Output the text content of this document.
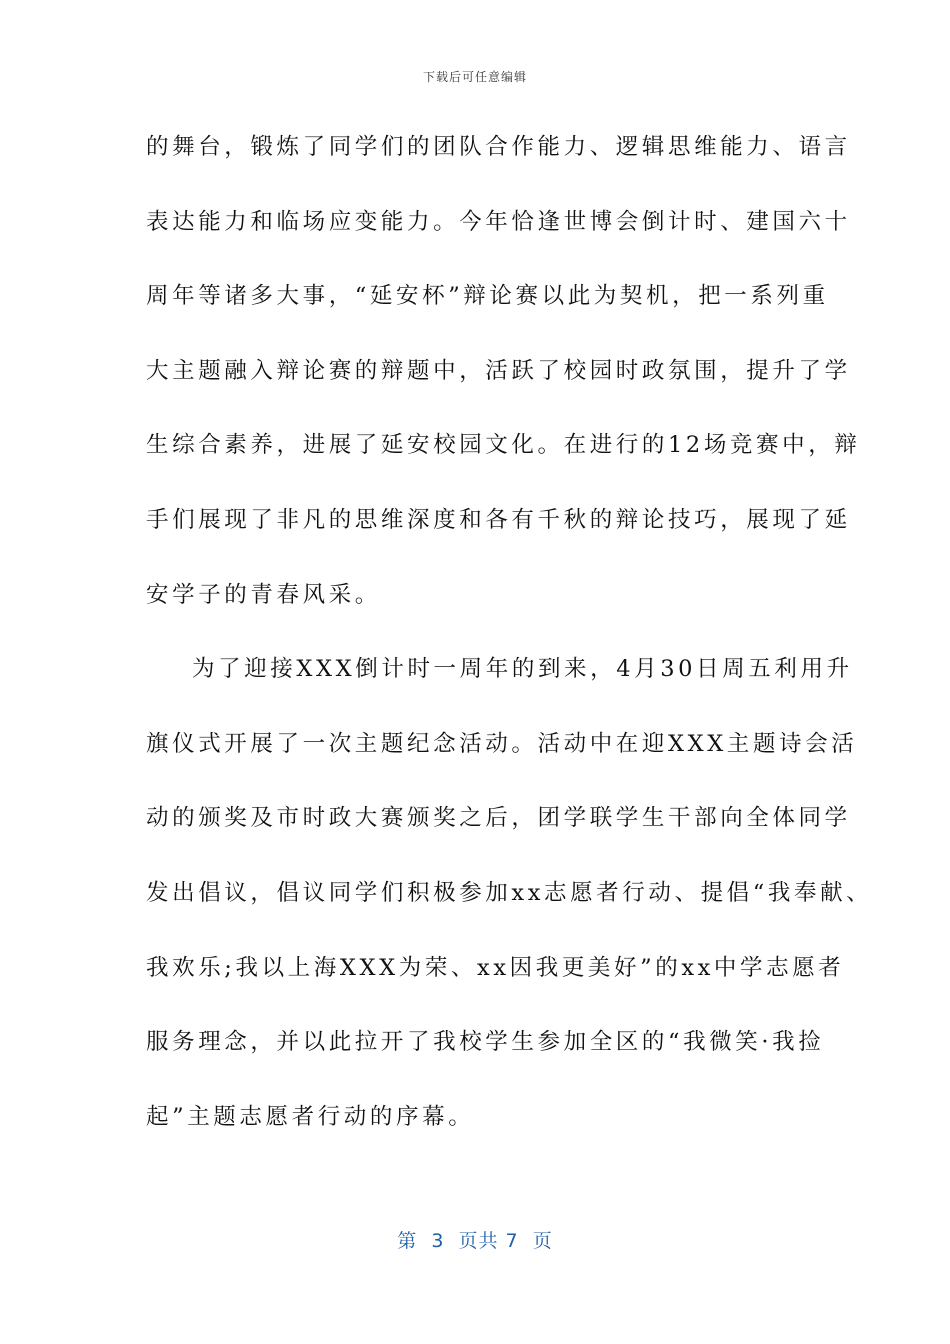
下载后可任意编辑
的舞台，锻炼了同学们的团队合作能力、逻辑思维能力、语言
表达能力和临场应变能力。今年恰逢世博会倒计时、建国六十
周年等诸多大事，“延安杯”辩论赛以此为契机，把一系列重
大主题融入辩论赛的辩题中，活跃了校园时政氛围，提升了学
生综合素养，进展了延安校园文化。在进行的12场竞赛中，辩
手们展现了非凡的思维深度和各有千秋的辩论技巧，展现了延
安学子的青春风采。
为了迎接XXX倒计时一周年的到来，4月30日周五利用升
旗仪式开展了一次主题纪念活动。活动中在迎XXX主题诗会活
动的颁奖及市时政大赛颁奖之后，团学联学生干部向全体同学
发出倡议，倡议同学们积极参加xx志愿者行动、提倡“我奉献、
我欢乐;我以上海XXX为荣、xx因我更美好”的xx中学志愿者
服务理念，并以此拉开了我校学生参加全区的“我微笑·我捡
起”主题志愿者行动的序幕。
第  3  页共 7  页
